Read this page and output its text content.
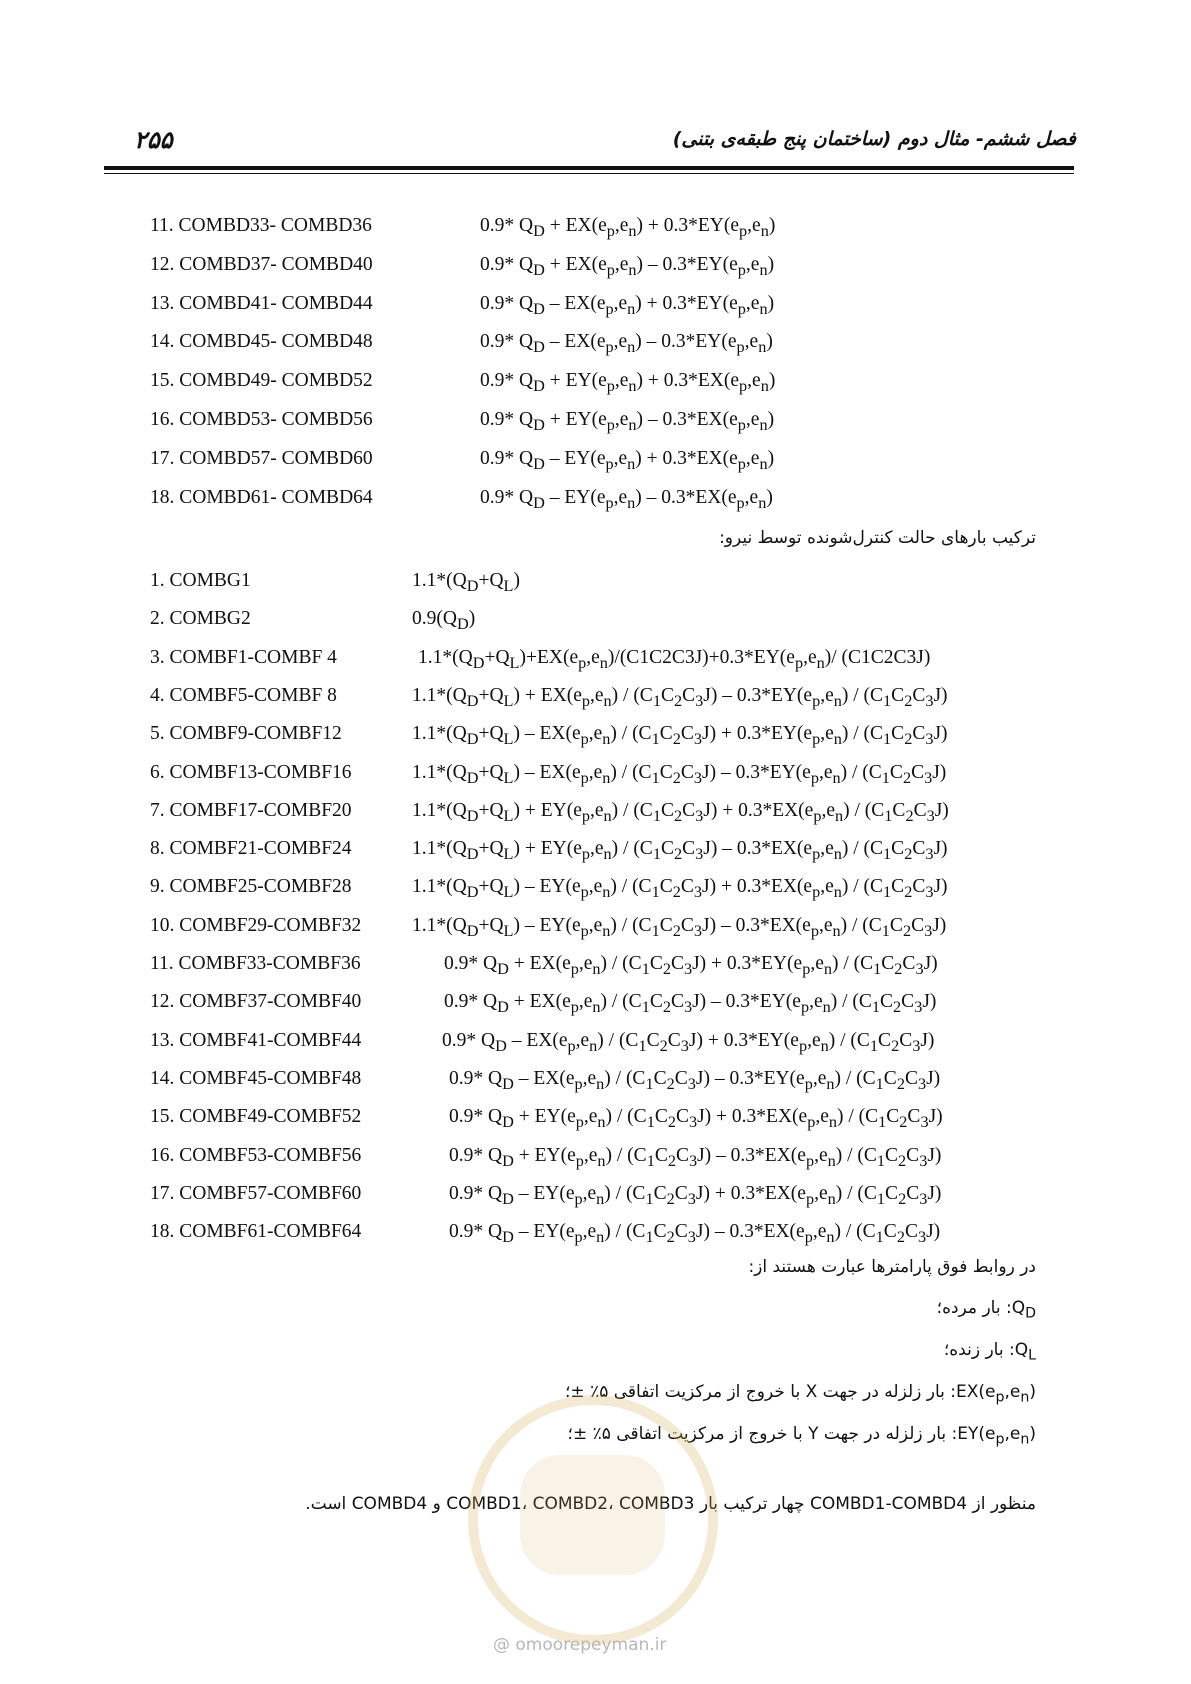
۲۵۵	فصل ششم- مثال دوم (ساختمان پنج طبقه‌ی بتنی)
11. COMBD33- COMBD36	0.9* $Q_D + EX(e_p,e_n) + 0.3*EY(e_p,e_n)$
12. COMBD37- COMBD40	0.9* $Q_D + EX(e_p,e_n) - 0.3*EY(e_p,e_n)$
13. COMBD41- COMBD44	0.9* $Q_D - EX(e_p,e_n) + 0.3*EY(e_p,e_n)$
14. COMBD45- COMBD48	0.9* $Q_D - EX(e_p,e_n) - 0.3*EY(e_p,e_n)$
15. COMBD49- COMBD52	0.9* $Q_D + EY(e_p,e_n) + 0.3*EX(e_p,e_n)$
16. COMBD53- COMBD56	0.9* $Q_D + EY(e_p,e_n) - 0.3*EX(e_p,e_n)$
17. COMBD57- COMBD60	0.9* $Q_D - EY(e_p,e_n) + 0.3*EX(e_p,e_n)$
18. COMBD61- COMBD64	0.9* $Q_D - EY(e_p,e_n) - 0.3*EX(e_p,e_n)$
ترکیب بارهای حالت کنترل‌شونده توسط نیرو:
1. COMBG1	$1.1*(Q_D+Q_L)$
2. COMBG2	$0.9(Q_D)$
3. COMBF1-COMBF 4	$1.1*(Q_D+Q_L)+EX(e_p,e_n)/(C1C2C3J)+0.3*EY(e_p,e_n)/$ (C1C2C3J)
4. COMBF5-COMBF 8	$1.1*(Q_D+Q_L) + EX(e_p,e_n) / (C_1C_2C_3J) - 0.3*EY(e_p,e_n) / (C_1C_2C_3J)$
5. COMBF9-COMBF12	$1.1*(Q_D+Q_L) - EX(e_p,e_n) / (C_1C_2C_3J) + 0.3*EY(e_p,e_n) / (C_1C_2C_3J)$
6. COMBF13-COMBF16	$1.1*(Q_D+Q_L) - EX(e_p,e_n) / (C_1C_2C_3J) - 0.3*EY(e_p,e_n) / (C_1C_2C_3J)$
7. COMBF17-COMBF20	$1.1*(Q_D+Q_L) + EY(e_p,e_n) / (C_1C_2C_3J) + 0.3*EX(e_p,e_n) / (C_1C_2C_3J)$
8. COMBF21-COMBF24	$1.1*(Q_D+Q_L) + EY(e_p,e_n) / (C_1C_2C_3J) - 0.3*EX(e_p,e_n) / (C_1C_2C_3J)$
9. COMBF25-COMBF28	$1.1*(Q_D+Q_L) - EY(e_p,e_n) / (C_1C_2C_3J) + 0.3*EX(e_p,e_n) / (C_1C_2C_3J)$
10. COMBF29-COMBF32	$1.1*(Q_D+Q_L) - EY(e_p,e_n) / (C_1C_2C_3J) - 0.3*EX(e_p,e_n) / (C_1C_2C_3J)$
11. COMBF33-COMBF36	0.9* $Q_D + EX(e_p,e_n) / (C_1C_2C_3J) + 0.3*EY(e_p,e_n) / (C_1C_2C_3J)$
12. COMBF37-COMBF40	0.9* $Q_D + EX(e_p,e_n) / (C_1C_2C_3J) - 0.3*EY(e_p,e_n) / (C_1C_2C_3J)$
13. COMBF41-COMBF44	0.9* $Q_D - EX(e_p,e_n) / (C_1C_2C_3J) + 0.3*EY(e_p,e_n) / (C_1C_2C_3J)$
14. COMBF45-COMBF48	0.9* $Q_D - EX(e_p,e_n) / (C_1C_2C_3J) - 0.3*EY(e_p,e_n) / (C_1C_2C_3J)$
15. COMBF49-COMBF52	0.9* $Q_D + EY(e_p,e_n) / (C_1C_2C_3J) + 0.3*EX(e_p,e_n) / (C_1C_2C_3J)$
16. COMBF53-COMBF56	0.9* $Q_D + EY(e_p,e_n) / (C_1C_2C_3J) - 0.3*EX(e_p,e_n) / (C_1C_2C_3J)$
17. COMBF57-COMBF60	0.9* $Q_D - EY(e_p,e_n) / (C_1C_2C_3J) + 0.3*EX(e_p,e_n) / (C_1C_2C_3J)$
18. COMBF61-COMBF64	0.9* $Q_D - EY(e_p,e_n) / (C_1C_2C_3J) - 0.3*EX(e_p,e_n) / (C_1C_2C_3J)$
در روابط فوق پارامترها عبارت هستند از:
$Q_D$: بار مرده؛
$Q_L$: بار زنده؛
$EX(e_p,e_n)$: بار زلزله در جهت X با خروج از مرکزیت اتفاقی ۵٪ ±؛
$EY(e_p,e_n)$: بار زلزله در جهت Y با خروج از مرکزیت اتفاقی ۵٪ ±؛
منظور از COMBD1-COMBD4 چهار ترکیب بار COMBD1، COMBD2، COMBD3 و COMBD4 است.
@ omoorepeyman.ir
